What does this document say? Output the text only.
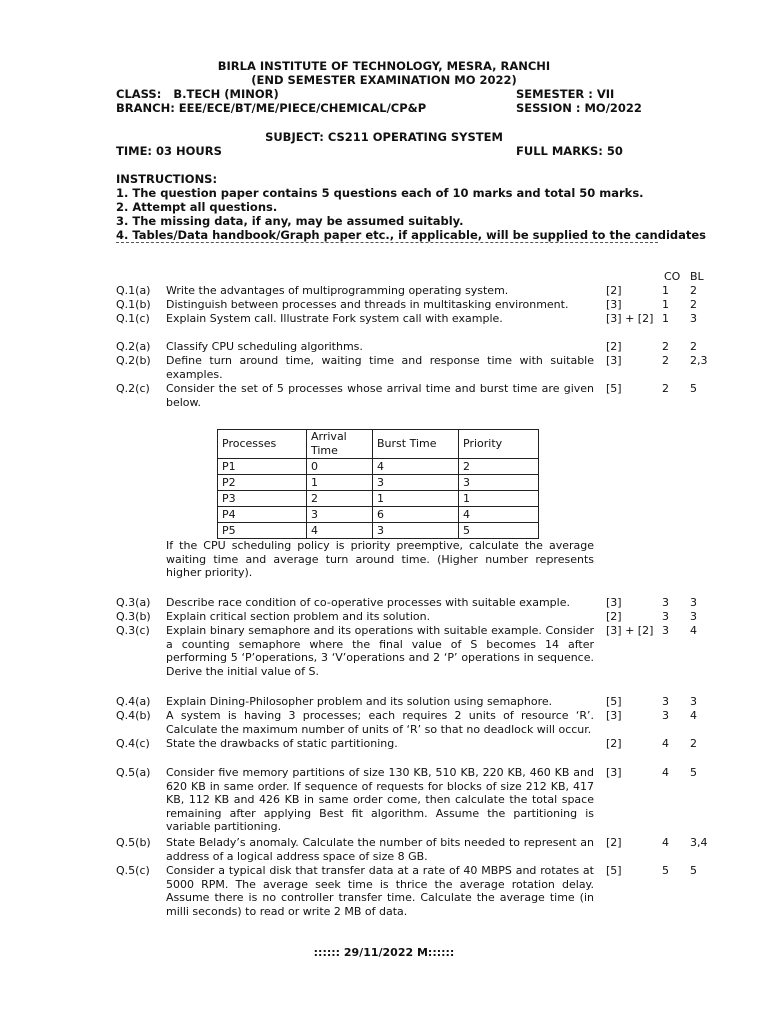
BIRLA INSTITUTE OF TECHNOLOGY, MESRA, RANCHI
(END SEMESTER EXAMINATION MO 2022)
CLASS: B.TECH (MINOR)	SEMESTER : VII
BRANCH: EEE/ECE/BT/ME/PIECE/CHEMICAL/CP&P	SESSION : MO/2022
SUBJECT: CS211 OPERATING SYSTEM
TIME: 03 HOURS	FULL MARKS: 50
INSTRUCTIONS:
1. The question paper contains 5 questions each of 10 marks and total 50 marks.
2. Attempt all questions.
3. The missing data, if any, may be assumed suitably.
4. Tables/Data handbook/Graph paper etc., if applicable, will be supplied to the candidates
CO BL
Q.1(a) Write the advantages of multiprogramming operating system.	[2]	1 2
Q.1(b) Distinguish between processes and threads in multitasking environment.	[3]	1 2
Q.1(c) Explain System call. Illustrate Fork system call with example.	[3] + [2] 1 3
Q.2(a) Classify CPU scheduling algorithms.	[2]	2 2
Q.2(b) Define turn around time, waiting time and response time with suitable examples.
[3]	2 2,3
Q.2(c) Consider the set of 5 processes whose arrival time and burst time are given below.
[5]	2 5
Processes	Arrival Time	Burst Time	Priority
P1	0	4	2
P2	1	3	3
P3	2	1	1
P4	3	6	4
P5	4	3	5
If the CPU scheduling policy is priority preemptive, calculate the average waiting time and average turn around time. (Higher number represents higher priority).
Q.3(a) Describe race condition of co-operative processes with suitable example.	[3]	3 3
Q.3(b) Explain critical section problem and its solution.	[2]	3 3
Q.3(c) Explain binary semaphore and its operations with suitable example. Consider a counting semaphore where the final value of S becomes 14 after performing 5 ‘P’operations, 3 ‘V’operations and 2 ‘P’ operations in sequence. Derive the initial value of S.
[3] + [2] 3 4
Q.4(a) Explain Dining-Philosopher problem and its solution using semaphore.	[5]	3 3
Q.4(b) A system is having 3 processes; each requires 2 units of resource ‘R’. Calculate the maximum number of units of ‘R’ so that no deadlock will occur.
[3]	3 4
Q.4(c) State the drawbacks of static partitioning.	[2]	4 2
Q.5(a) Consider five memory partitions of size 130 KB, 510 KB, 220 KB, 460 KB and 620 KB in same order. If sequence of requests for blocks of size 212 KB, 417 KB, 112 KB and 426 KB in same order come, then calculate the total space remaining after applying Best fit algorithm. Assume the partitioning is variable partitioning.
[3]	4 5
Q.5(b) State Belady’s anomaly. Calculate the number of bits needed to represent an address of a logical address space of size 8 GB.
[2]	4 3,4
Q.5(c) Consider a typical disk that transfer data at a rate of 40 MBPS and rotates at 5000 RPM. The average seek time is thrice the average rotation delay. Assume there is no controller transfer time. Calculate the average time (in milli seconds) to read or write 2 MB of data.
[5]	5 5
:::::: 29/11/2022 M::::::
